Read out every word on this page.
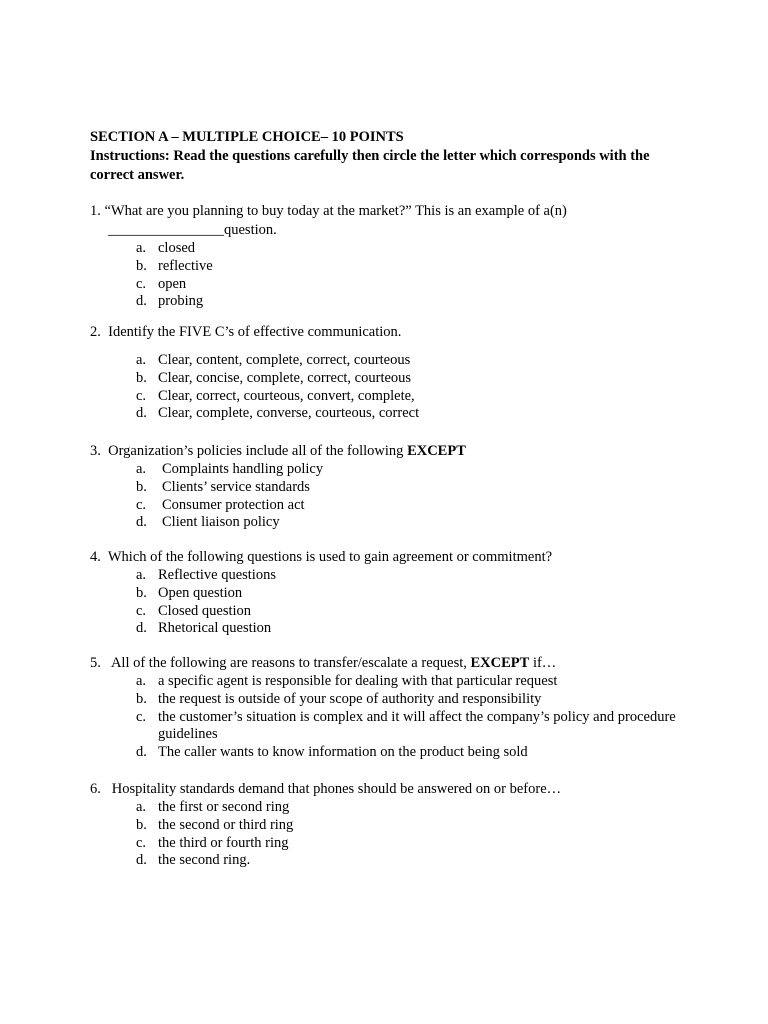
SECTION A – MULTIPLE CHOICE– 10 POINTS
Instructions: Read the questions carefully then circle the letter which corresponds with the correct answer.
1. “What are you planning to buy today at the market?” This is an example of a(n)
________________question.
a. closed
b. reflective
c. open
d. probing
2. Identify the FIVE C’s of effective communication.
a. Clear, content, complete, correct, courteous
b. Clear, concise, complete, correct, courteous
c. Clear, correct, courteous, convert, complete,
d. Clear, complete, converse, courteous, correct
3. Organization’s policies include all of the following EXCEPT
a. Complaints handling policy
b. Clients’ service standards
c. Consumer protection act
d. Client liaison policy
4. Which of the following questions is used to gain agreement or commitment?
a. Reflective questions
b. Open question
c. Closed question
d. Rhetorical question
5. All of the following are reasons to transfer/escalate a request, EXCEPT if…
a. a specific agent is responsible for dealing with that particular request
b. the request is outside of your scope of authority and responsibility
c. the customer’s situation is complex and it will affect the company’s policy and procedure guidelines
d. The caller wants to know information on the product being sold
6. Hospitality standards demand that phones should be answered on or before…
a. the first or second ring
b. the second or third ring
c. the third or fourth ring
d. the second ring.
